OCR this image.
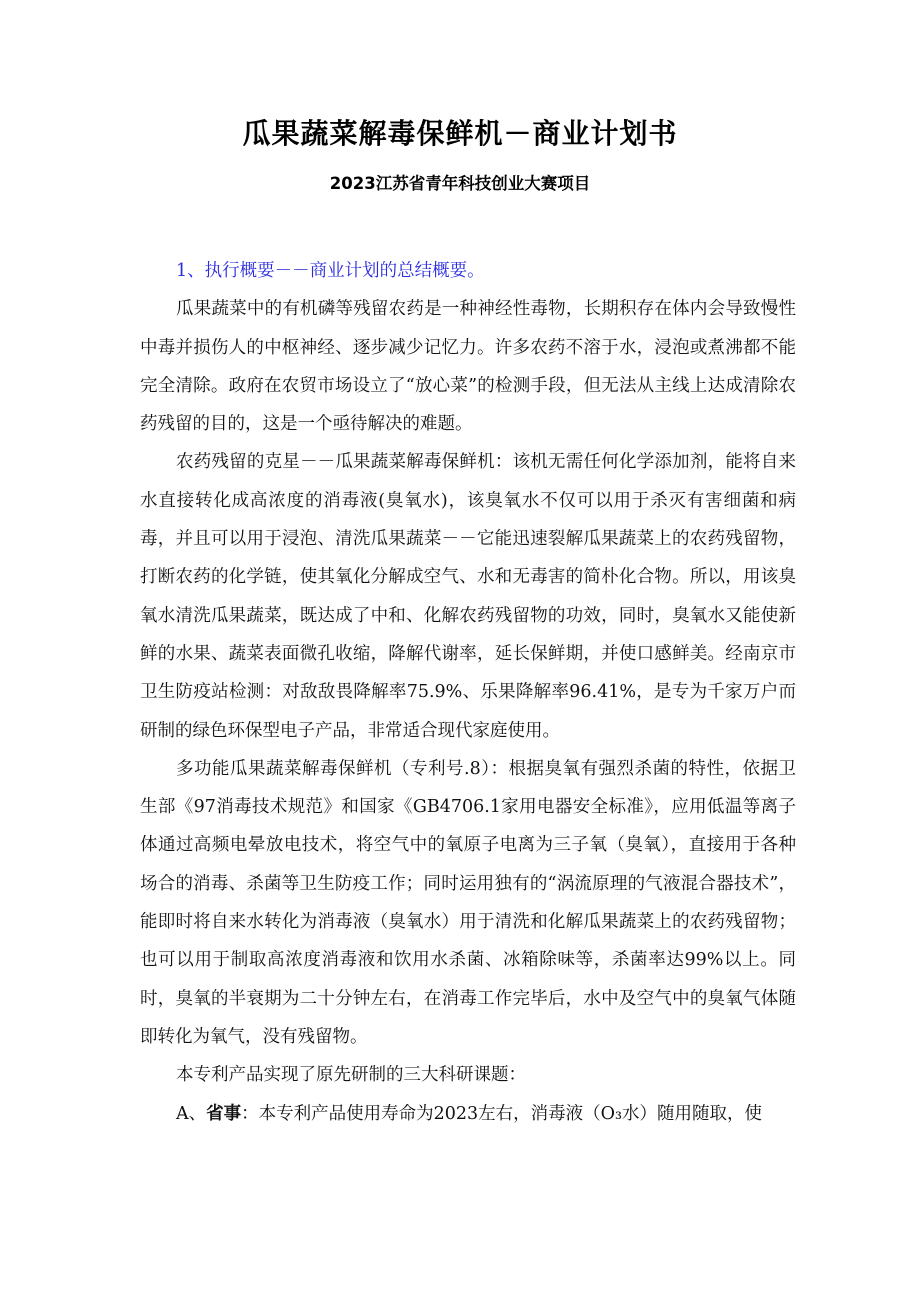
瓜果蔬菜解毒保鲜机－商业计划书
2023江苏省青年科技创业大赛项目

1、执行概要－－商业计划的总结概要。

瓜果蔬菜中的有机磷等残留农药是一种神经性毒物，长期积存在体内会导致慢性中毒并损伤人的中枢神经、逐步减少记忆力。许多农药不溶于水，浸泡或煮沸都不能完全清除。政府在农贸市场设立了“放心菜”的检测手段，但无法从主线上达成清除农药残留的目的，这是一个亟待解决的难题。

农药残留的克星－－瓜果蔬菜解毒保鲜机：该机无需任何化学添加剂，能将自来水直接转化成高浓度的消毒液(臭氧水)，该臭氧水不仅可以用于杀灭有害细菌和病毒，并且可以用于浸泡、清洗瓜果蔬菜－－它能迅速裂解瓜果蔬菜上的农药残留物，打断农药的化学链，使其氧化分解成空气、水和无毒害的简朴化合物。所以，用该臭氧水清洗瓜果蔬菜，既达成了中和、化解农药残留物的功效，同时，臭氧水又能使新鲜的水果、蔬菜表面微孔收缩，降解代谢率，延长保鲜期，并使口感鲜美。经南京市卫生防疫站检测：对敌敌畏降解率75.9%、乐果降解率96.41%，是专为千家万户而研制的绿色环保型电子产品，非常适合现代家庭使用。

多功能瓜果蔬菜解毒保鲜机（专利号.8）：根据臭氧有强烈杀菌的特性，依据卫生部《97消毒技术规范》和国家《GB4706.1家用电器安全标准》，应用低温等离子体通过高频电晕放电技术，将空气中的氧原子电离为三子氧（臭氧），直接用于各种场合的消毒、杀菌等卫生防疫工作；同时运用独有的“涡流原理的气液混合器技术”，能即时将自来水转化为消毒液（臭氧水）用于清洗和化解瓜果蔬菜上的农药残留物；也可以用于制取高浓度消毒液和饮用水杀菌、冰箱除味等，杀菌率达99%以上。同时，臭氧的半衰期为二十分钟左右，在消毒工作完毕后，水中及空气中的臭氧气体随即转化为氧气，没有残留物。

本专利产品实现了原先研制的三大科研课题：

A、省事：本专利产品使用寿命为2023左右，消毒液（O₃水）随用随取，使
